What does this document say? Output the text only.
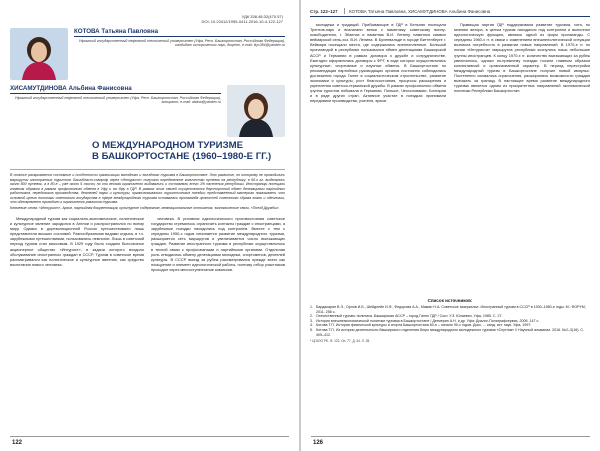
УДК 338.48:32(470.57)
DOI: 10.22412/1995-0411-2016-10-4-122-127
КОТОВА Татьяна Павловна
Уфимский государственный нефтяной технический университет (Уфа, Респ. Башкортостан, Российская Федерация), кандидат исторических наук, доцент, e-mail: tkp.084@yandex.ru
ХИСАМУТДИНОВА Альбина Фанисовна
Уфимский государственный нефтяной технический университет (Уфа, Респ. Башкортостан, Российская Федерация), аспирант, e-mail: albina@yandex.ru
О МЕЖДУНАРОДНОМ ТУРИЗМЕ
В БАШКОРТОСТАНЕ (1960–1980-Е ГГ.)
В статье раскрывается состояние и особенности организации выездного и въездного туризма в Башкортостане. Это развитие, по которому не проводились маршруты иностранных туристов. Башобласт-совпроф через «Интурист» получало определенное количество путевок на республику: в 60-х гг. выделялось около 800 путевок, а в 80-е – уже около 5 тысяч, но они весьма ограниченно выдавались и составляли всего 1% населения республики. Иностранцы посещали главным образом в рамках профсоюзного обмена в Уфу и на Уфу в ГДР. В рамках этих связей осуществлялся двусторонний обмен делегациями партийных работников, передовиков производства, деятелей науки и культуры, организовывались туристические поездки; представленный материал показывает, что основной целью политики советского государства в сфере международного туризма оставалась пропаганда ценностей советского образа жизни и идеологии, что одновременно приводило к ограничению развития туризма.
Ключевые слова: «Интурист», Архив, партийная документация, культурное содержание, межнациональные отношения, экономические связи, «Поезд Дружбы».

Международный туризм как социально-экономическое, политическое и культурное явление зародился в Англии и распространился по всему миру. Однако в дореволюционной России путешествовали лишь представители высших сословий. Разнообразными видами отдыха, в т.ч. зарубежными путешествиями, пользовались немногие. Лишь в советский период туризм стал массовым. В 1929 году было создано Всесоюзное акционерное общество «Интурист», в задачи которого входило обслуживание иностранных граждан в СССР. Туризм в советское время рассматривался как политическое и культурное явление, как средство воспитания нового человека.

человека. В условиях идеологического противостояния советское государство стремилось ограничить контакты граждан с иностранцами, а зарубежные поездки находились под контролем. Вместе с тем с середины 1950-х годов начинается развитие международного туризма, расширяется сеть маршрутов и увеличивается число выезжающих граждан. Развитие иностранного туризма в республике осуществлялось в тесной связи с профсоюзными и партийными органами. Отдельная роль отводилась обмену делегациями молодежи, спортсменов, деятелей культуры. В СССР выезд за рубеж рассматривался прежде всего как поощрение и элемент идеологической работы, поэтому отбор участников проходил через многоступенчатые комиссии.

122
Стр. 122–127	КОТОВА Татьяна Павловна, ХИСАМУТДИНОВА Альбина Фанисовна

молодежи и традиций. Прибывающие в ГДР в Бельгию посещали Трептов-парк и возлагали венки к памятнику советскому воину-освободителю, г. Эйзенах и памятник В.И. Ленину, памятник символ веймарской сель-хоз. В.И. Ленина. В Бухенвальде в городе Виттенберге г. Веймара посещали места, где содержались военнопленные. Большой пропагандой в республике пользовался обмен делегациями Башкирской АССР и Германии в рамках договора о дружбе и сотрудничестве. Ежегодно оформлялись договоры с ФРГ, в ходе которых осуществлялись культурные, спортивные и научные обмены. В Башкортостане по рекомендации партийных руководящих органов постоянно соблюдались достижения города Галле в социалистическом строительстве, развитие экономики и культуры, рост благосостояния, процессы расширения и укрепления советско-германской дружбы. В рамках профсоюзного обмена группа туристов побывала в Германии, Польше, Чехословакии, Болгарии и в ряде других стран. Активное участие в поездках принимали передовики производства, учителя, врачи.

Правящая партия ГДР поддерживала развитие туризма, хотя, по мнению автора, в целом туризм находился под контролем и выполнял идеологическую функцию, являясь одной из форм пропаганды. С середины 1960-х гг. в связи с изменением внешнеполитической ситуации возникла потребность в развитии новых направлений. В 1970-е гг. по линии «Интуриста» маршрутов республики коснулись лишь небольшие группы иностранцев. К концу 1970-х гг. количество выезжающих за рубеж увеличилось, однако по-прежнему поездки носили главным образом коллективный и организованный характер. В период перестройки международный туризм в Башкортостане получил новый импульс. Постепенно снимались ограничения, расширялись возможности граждан выезжать за границу. В настоящее время развитие международного туризма является одним из приоритетных направлений экономической политики Республики Башкортостан.

Список источников:
1. Бардасарян В.Э., Орлов И.Б., Шейдлейн И.Ф., Федорова А.А., Маман Н.А. Советское зазеркалье. Иностранный туризм в СССР в 1930–1980-е годы. М.: ФОРУМ, 2011. 256 с.
2. Отечественный туризм: политика. Башкирская АССР – город Галле ГДР / Сост. У.З. Юлаевич. Уфа, 1985. С. 27.
3. История внешнеэкономической политики туризма в Башкортостане / Детмерин А.Н. и др. Уфа: Диалог-Полиграфсервис, 2006. 147 с.
4. Котова Т.П. История физической культуры и спорта Башкортостана 60-е – начало 90-х годов. Дисс. ... канд. ист. наук. Уфа, 1997.
5. Котова Т.П. Из истории деятельности башкирского отделения Бюро международного молодежного туризма «Спутник» // Научный альманах. 2016. №2–3(16). С. 405–412.
* ЦГАОО РБ. Ф. 122. Оп. 77. Д. 34. Л. 28.
126
